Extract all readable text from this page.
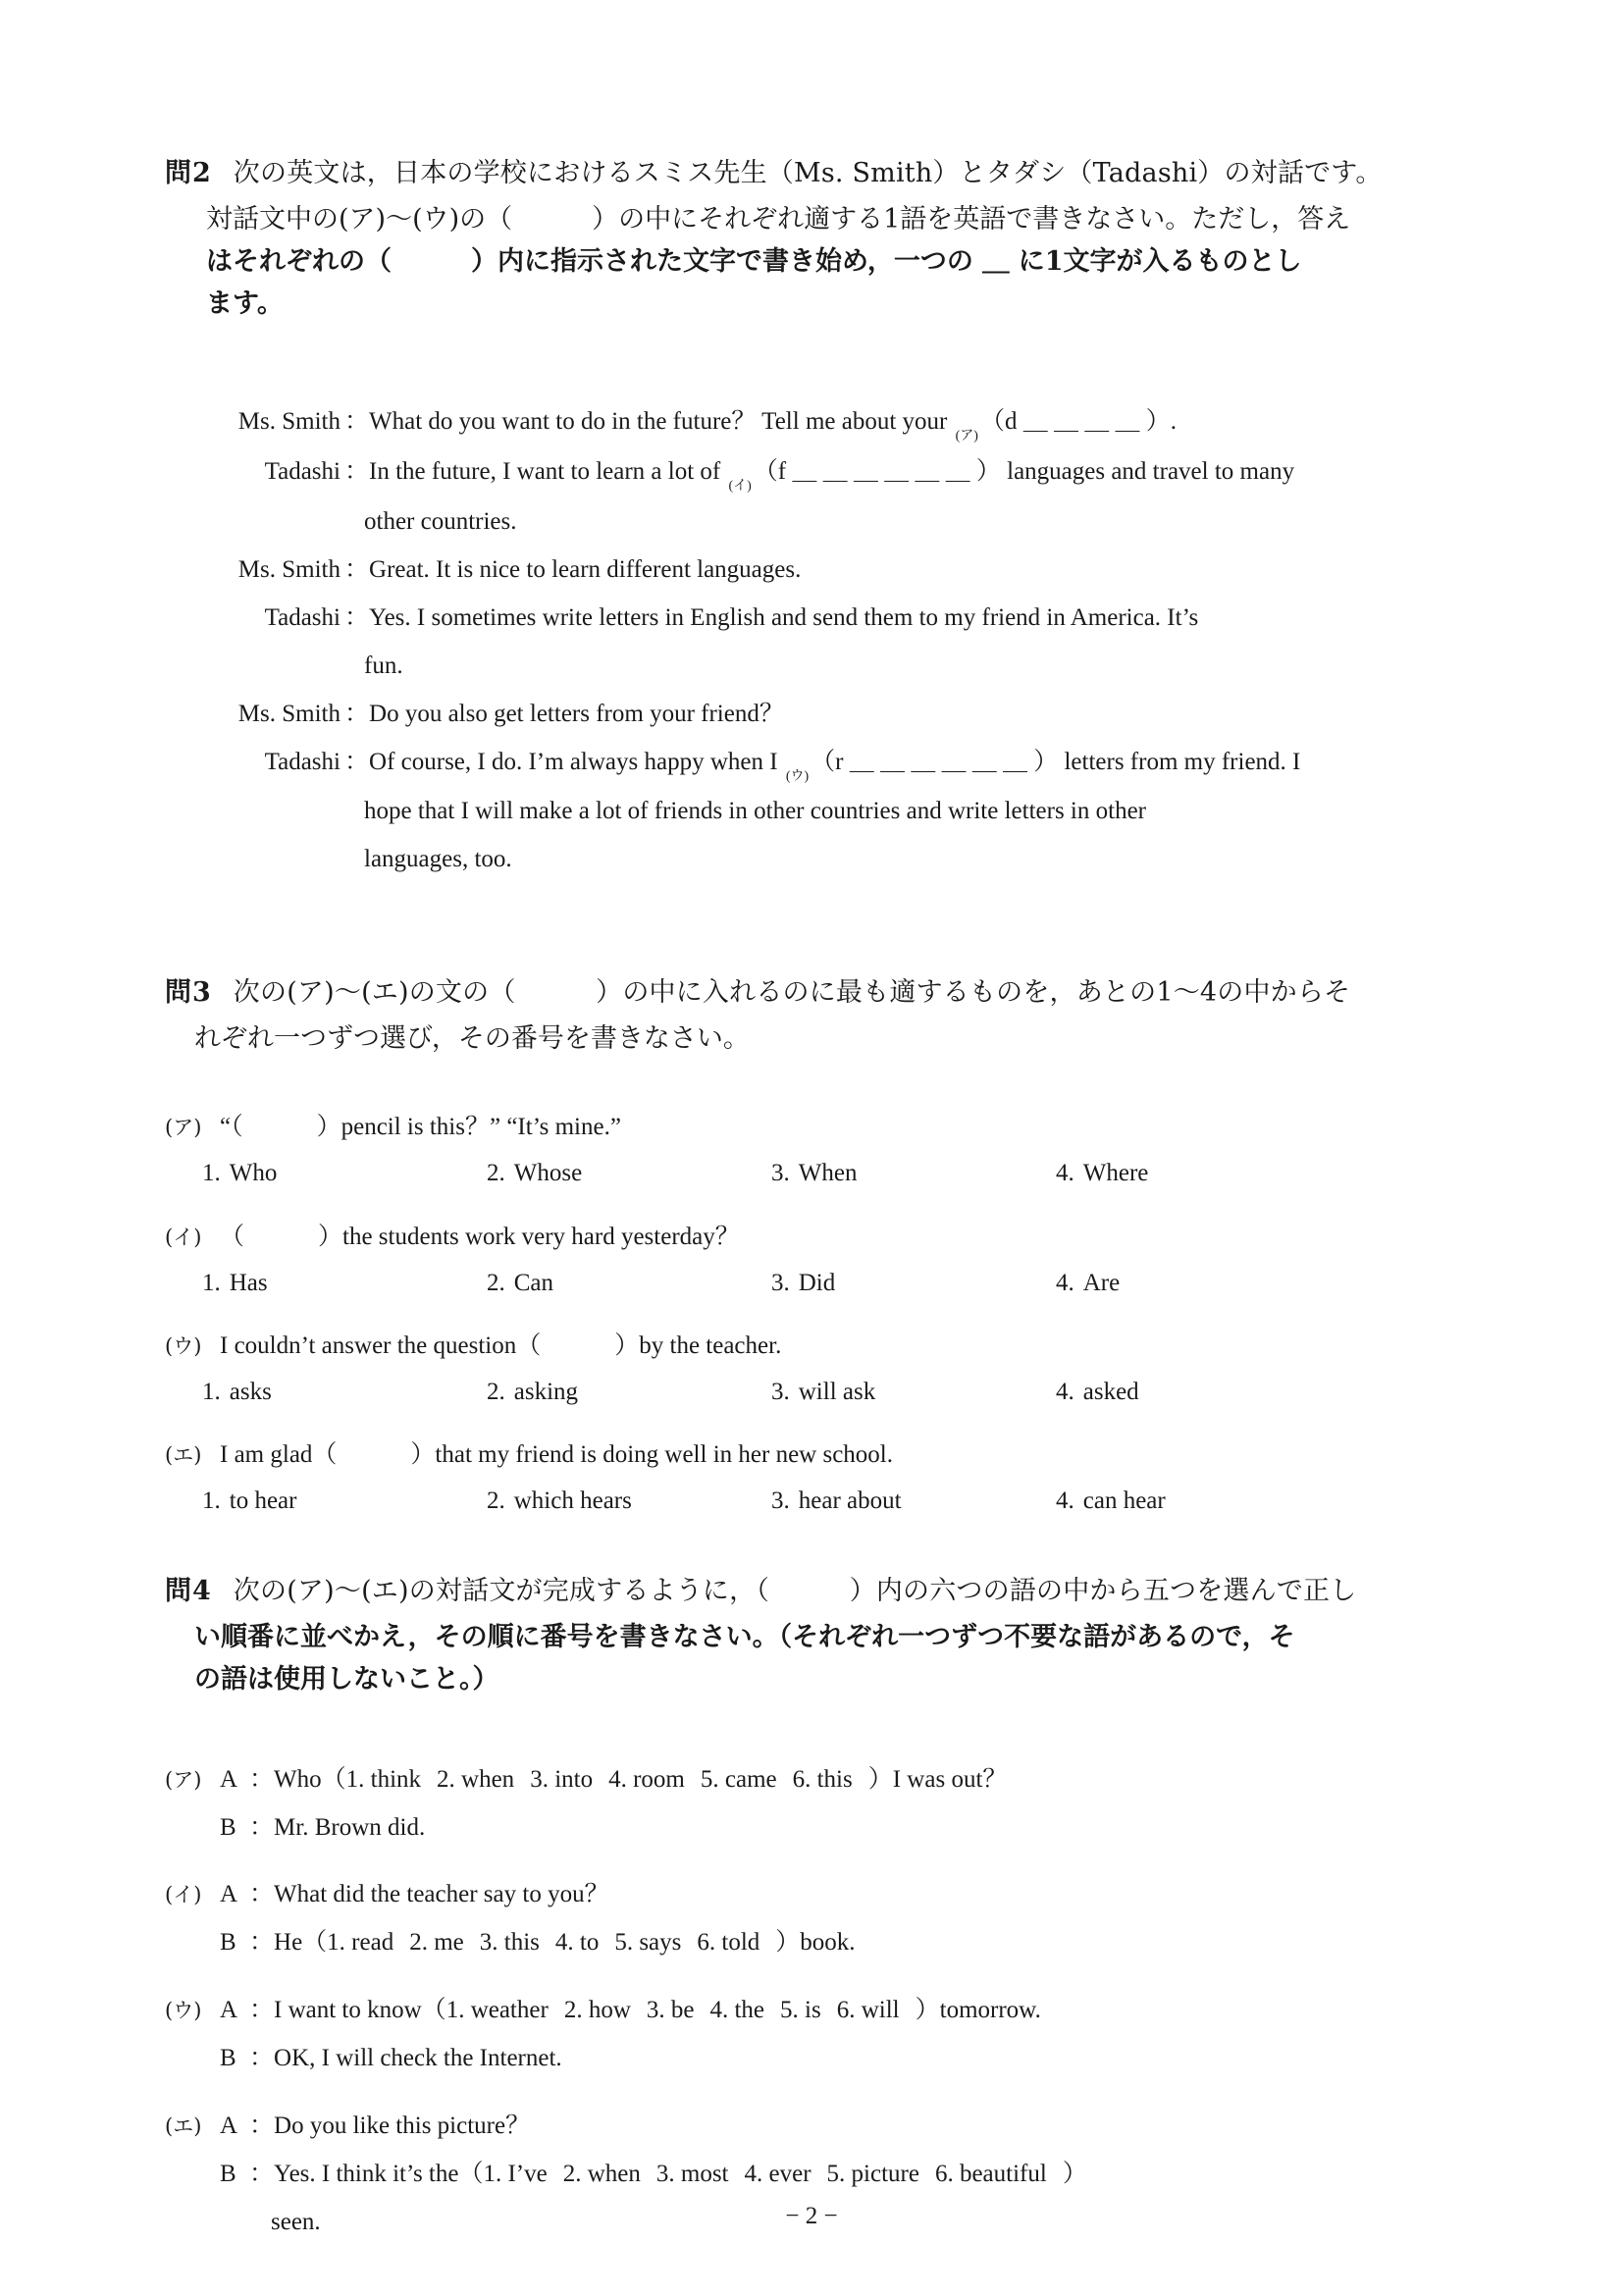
問2 次の英文は，日本の学校におけるスミス先生（Ms. Smith）とタダシ（Tadashi）の対話です。

対話文中の(ア)〜(ウ)の（　　　）の中にそれぞれ適する1語を英語で書きなさい。ただし，答え

はそれぞれの（　　　）内に指示された文字で書き始め，一つの ＿ に1文字が入るものとし

ます。

Ms. Smith ： What do you want to do in the future？ Tell me about your $_{(ア)}$（d ＿ ＿ ＿ ＿ ）.
Tadashi ： In the future, I want to learn a lot of $_{(イ)}$（f ＿ ＿ ＿ ＿ ＿ ＿ ） languages and travel to many
other countries.
Ms. Smith ： Great. It is nice to learn different languages.
Tadashi ： Yes. I sometimes write letters in English and send them to my friend in America. It’s
fun.
Ms. Smith ： Do you also get letters from your friend？
Tadashi ： Of course, I do. I’m always happy when I $_{(ウ)}$（r ＿ ＿ ＿ ＿ ＿ ＿ ） letters from my friend. I
hope that I will make a lot of friends in other countries and write letters in other
languages, too.
問3 次の(ア)〜(エ)の文の（　　　）の中に入れるのに最も適するものを，あとの1〜4の中からそ

れぞれ一つずつ選び，その番号を書きなさい。

(ア) “（　　　）pencil is this？” “It’s mine.”
1. Who	2. Whose	3. When	4. Where
(イ) （　　　）the students work very hard yesterday？
1. Has	2. Can	3. Did	4. Are
(ウ) I couldn’t answer the question（　　　）by the teacher.
1. asks	2. asking	3. will ask	4. asked
(エ) I am glad（　　　）that my friend is doing well in her new school.
1. to hear	2. which hears	3. hear about	4. can hear
問4 次の(ア)〜(エ)の対話文が完成するように，（　　　）内の六つの語の中から五つを選んで正し

い順番に並べかえ，その順に番号を書きなさい。（それぞれ一つずつ不要な語があるので，そ

の語は使用しないこと。）

(ア) A ： Who（1. think 2. when 3. into 4. room 5. came 6. this ）I was out？
B ： Mr. Brown did.
(イ) A ： What did the teacher say to you？
B ： He（1. read 2. me 3. this 4. to 5. says 6. told ）book.
(ウ) A ： I want to know（1. weather 2. how 3. be 4. the 5. is 6. will ）tomorrow.
B ： OK, I will check the Internet.
(エ) A ： Do you like this picture？
B ： Yes. I think it’s the（1. I’ve 2. when 3. most 4. ever 5. picture 6. beautiful ）
seen.	− 2 −
